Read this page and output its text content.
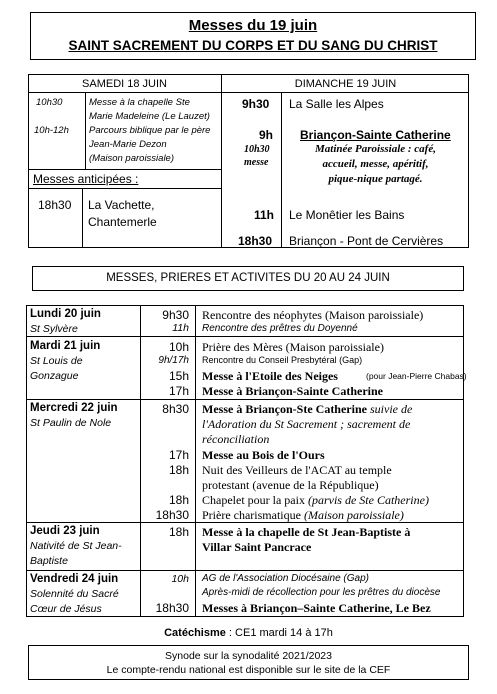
Messes du 19 juin
SAINT SACREMENT DU CORPS ET DU SANG DU CHRIST
SAMEDI 18 JUIN
10h30	Messe à la chapelle Ste
Marie Madeleine (Le Lauzet)
10h-12h Parcours biblique par le père
Jean-Marie Dezon
(Maison paroissiale)
Messes anticipées :
18h30 La Vachette,
Chantemerle
DIMANCHE 19 JUIN
9h30 La Salle les Alpes
9h Briançon-Sainte Catherine
10h30
messe
Matinée Paroissiale : café,
accueil, messe, apéritif,
pique-nique partagé.
11h Le Monêtier les Bains
18h30 Briançon - Pont de Cervières
MESSES, PRIERES ET ACTIVITES DU 20 AU 24 JUIN
Lundi 20 juin
St Sylvère
9h30 Rencontre des néophytes (Maison paroissiale)
11h Rencontre des prêtres du Doyenné
Mardi 21 juin
St Louis de
Gonzague
10h Prière des Mères (Maison paroissiale)
9h/17h Rencontre du Conseil Presbytéral (Gap)
15h Messe à l'Etoile des Neiges	(pour Jean-Pierre Chabas)
17h Messe à Briançon-Sainte Catherine
Mercredi 22 juin
St Paulin de Nole
8h30 Messe à Briançon-Ste Catherine suivie de
l'Adoration du St Sacrement ; sacrement de
réconciliation
17h Messe au Bois de l'Ours
18h Nuit des Veilleurs de l'ACAT au temple
protestant (avenue de la République)
18h Chapelet pour la paix (parvis de Ste Catherine)
18h30 Prière charismatique (Maison paroissiale)
Jeudi 23 juin
Nativité de St Jean-
Baptiste
18h Messe à la chapelle de St Jean-Baptiste à
Villar Saint Pancrace
Vendredi 24 juin
Solennité du Sacré
Cœur de Jésus
10h AG de l'Association Diocésaine (Gap)
Après-midi de récollection pour les prêtres du diocèse
18h30 Messes à Briançon–Sainte Catherine, Le Bez
Catéchisme : CE1 mardi 14 à 17h
Synode sur la synodalité 2021/2023
Le compte-rendu national est disponible sur le site de la CEF
